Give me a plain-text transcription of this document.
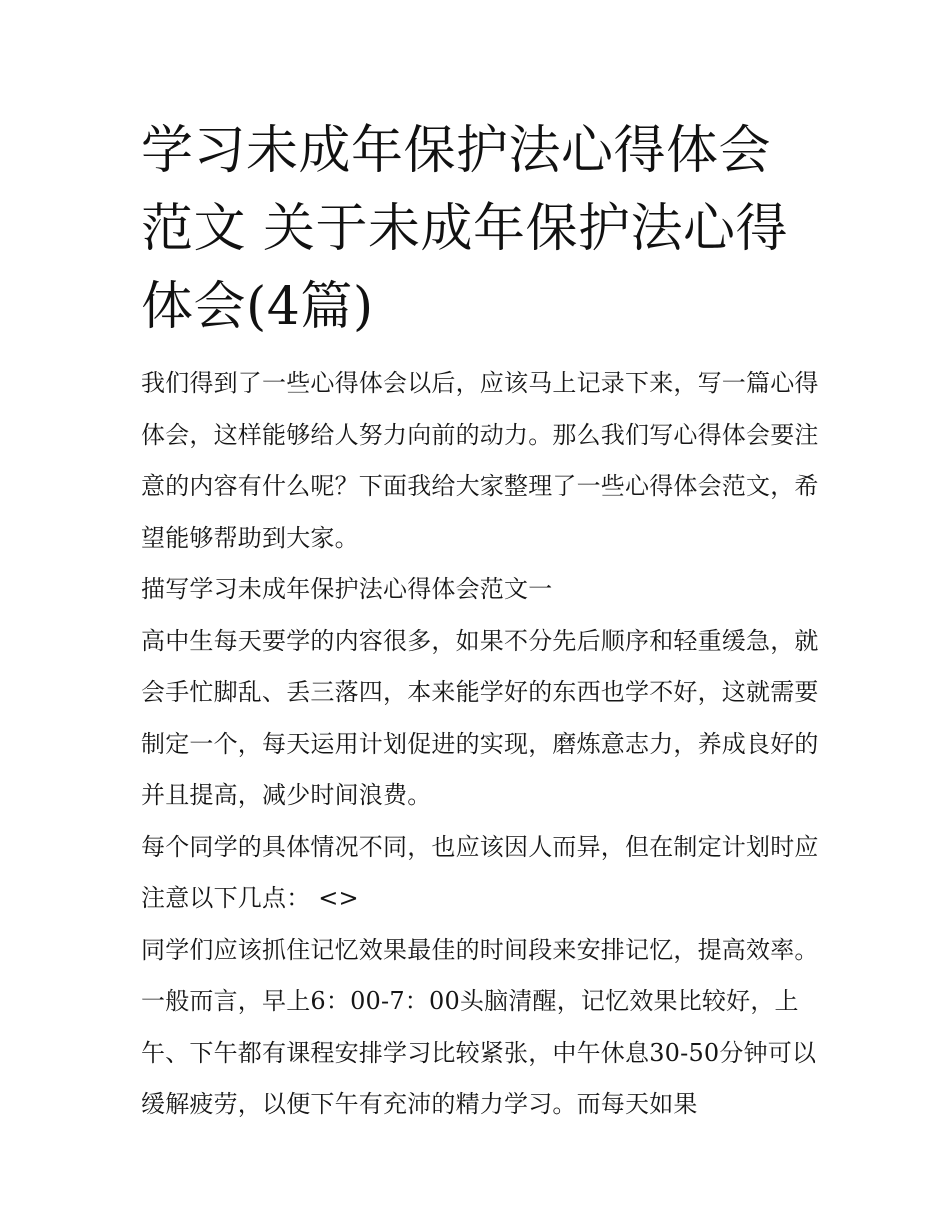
学习未成年保护法心得体会范文 关于未成年保护法心得体会(4篇)

我们得到了一些心得体会以后，应该马上记录下来，写一篇心得体会，这样能够给人努力向前的动力。那么我们写心得体会要注意的内容有什么呢？下面我给大家整理了一些心得体会范文，希望能够帮助到大家。

描写学习未成年保护法心得体会范文一

高中生每天要学的内容很多，如果不分先后顺序和轻重缓急，就会手忙脚乱、丢三落四，本来能学好的东西也学不好，这就需要制定一个，每天运用计划促进的实现，磨炼意志力，养成良好的并且提高，减少时间浪费。

每个同学的具体情况不同，也应该因人而异，但在制定计划时应注意以下几点： <>

同学们应该抓住记忆效果最佳的时间段来安排记忆，提高效率。一般而言，早上6：00-7：00头脑清醒，记忆效果比较好，上午、下午都有课程安排学习比较紧张，中午休息30-50分钟可以缓解疲劳，以便下午有充沛的精力学习。而每天如果
